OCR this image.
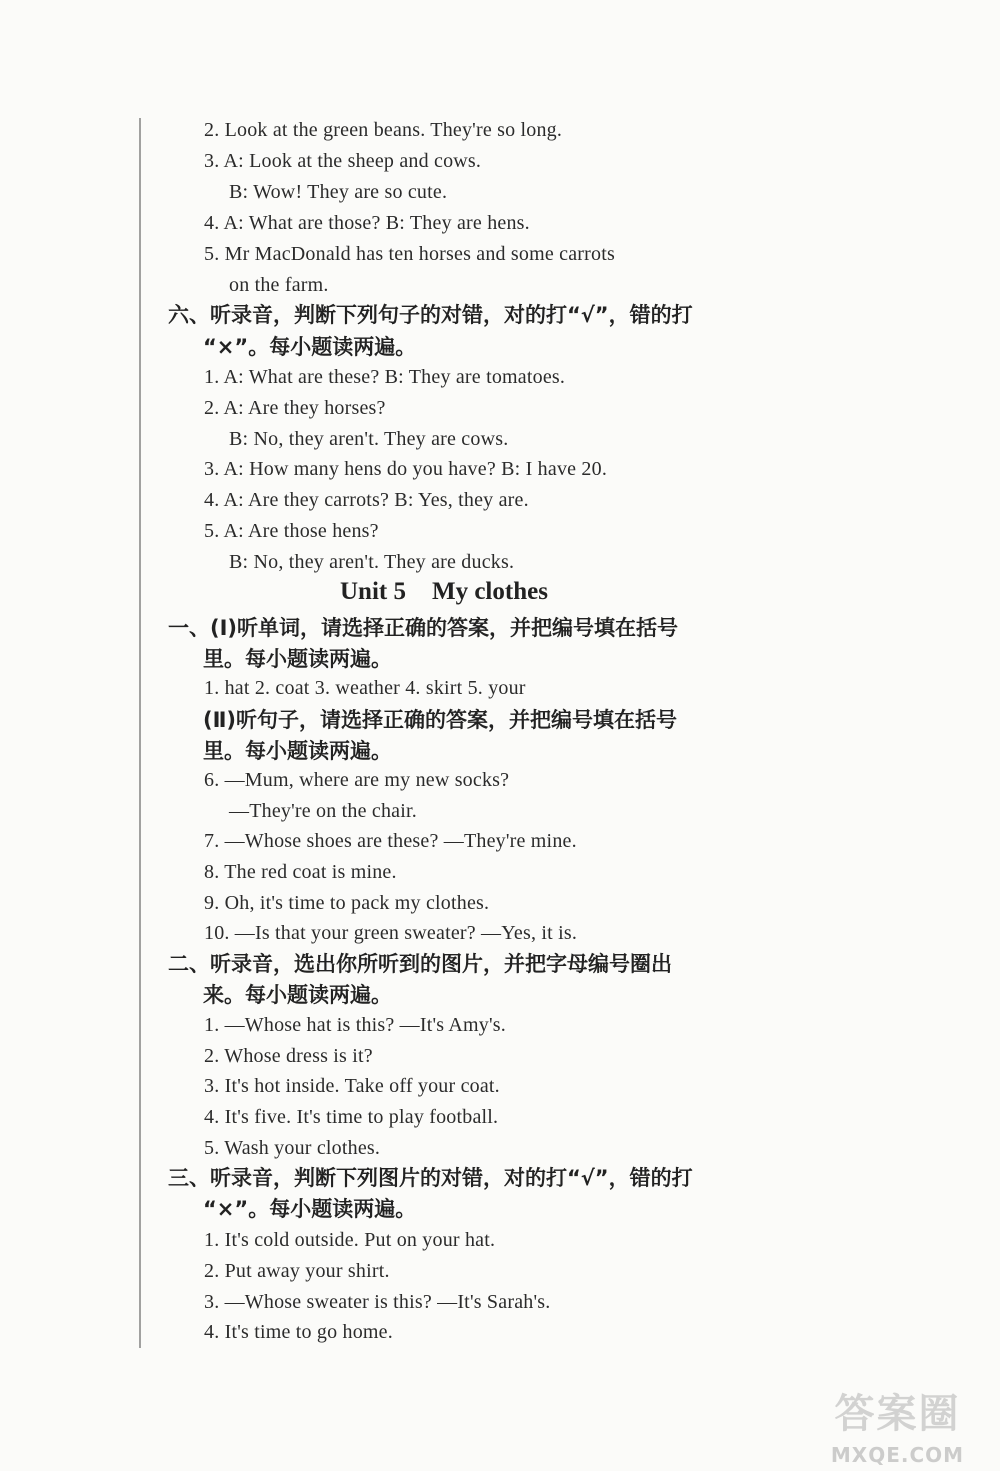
2. Look at the green beans. They're so long.
3. A: Look at the sheep and cows.
B: Wow! They are so cute.
4. A: What are those? B: They are hens.
5. Mr MacDonald has ten horses and some carrots
on the farm.
六、听录音，判断下列句子的对错，对的打“√”，错的打
“×”。每小题读两遍。
1. A: What are these? B: They are tomatoes.
2. A: Are they horses?
B: No, they aren't. They are cows.
3. A: How many hens do you have? B: I have 20.
4. A: Are they carrots? B: Yes, they are.
5. A: Are those hens?
B: No, they aren't. They are ducks.
Unit 5 My clothes
一、(Ⅰ)听单词，请选择正确的答案，并把编号填在括号
里。每小题读两遍。
1. hat 2. coat 3. weather 4. skirt 5. your
(Ⅱ)听句子，请选择正确的答案，并把编号填在括号
里。每小题读两遍。
6. —Mum, where are my new socks?
—They're on the chair.
7. —Whose shoes are these? —They're mine.
8. The red coat is mine.
9. Oh, it's time to pack my clothes.
10. —Is that your green sweater? —Yes, it is.
二、听录音，选出你所听到的图片，并把字母编号圈出
来。每小题读两遍。
1. —Whose hat is this? —It's Amy's.
2. Whose dress is it?
3. It's hot inside. Take off your coat.
4. It's five. It's time to play football.
5. Wash your clothes.
三、听录音，判断下列图片的对错，对的打“√”，错的打
“×”。每小题读两遍。
1. It's cold outside. Put on your hat.
2. Put away your shirt.
3. —Whose sweater is this? —It's Sarah's.
4. It's time to go home.
答案圈
MXQE.COM
